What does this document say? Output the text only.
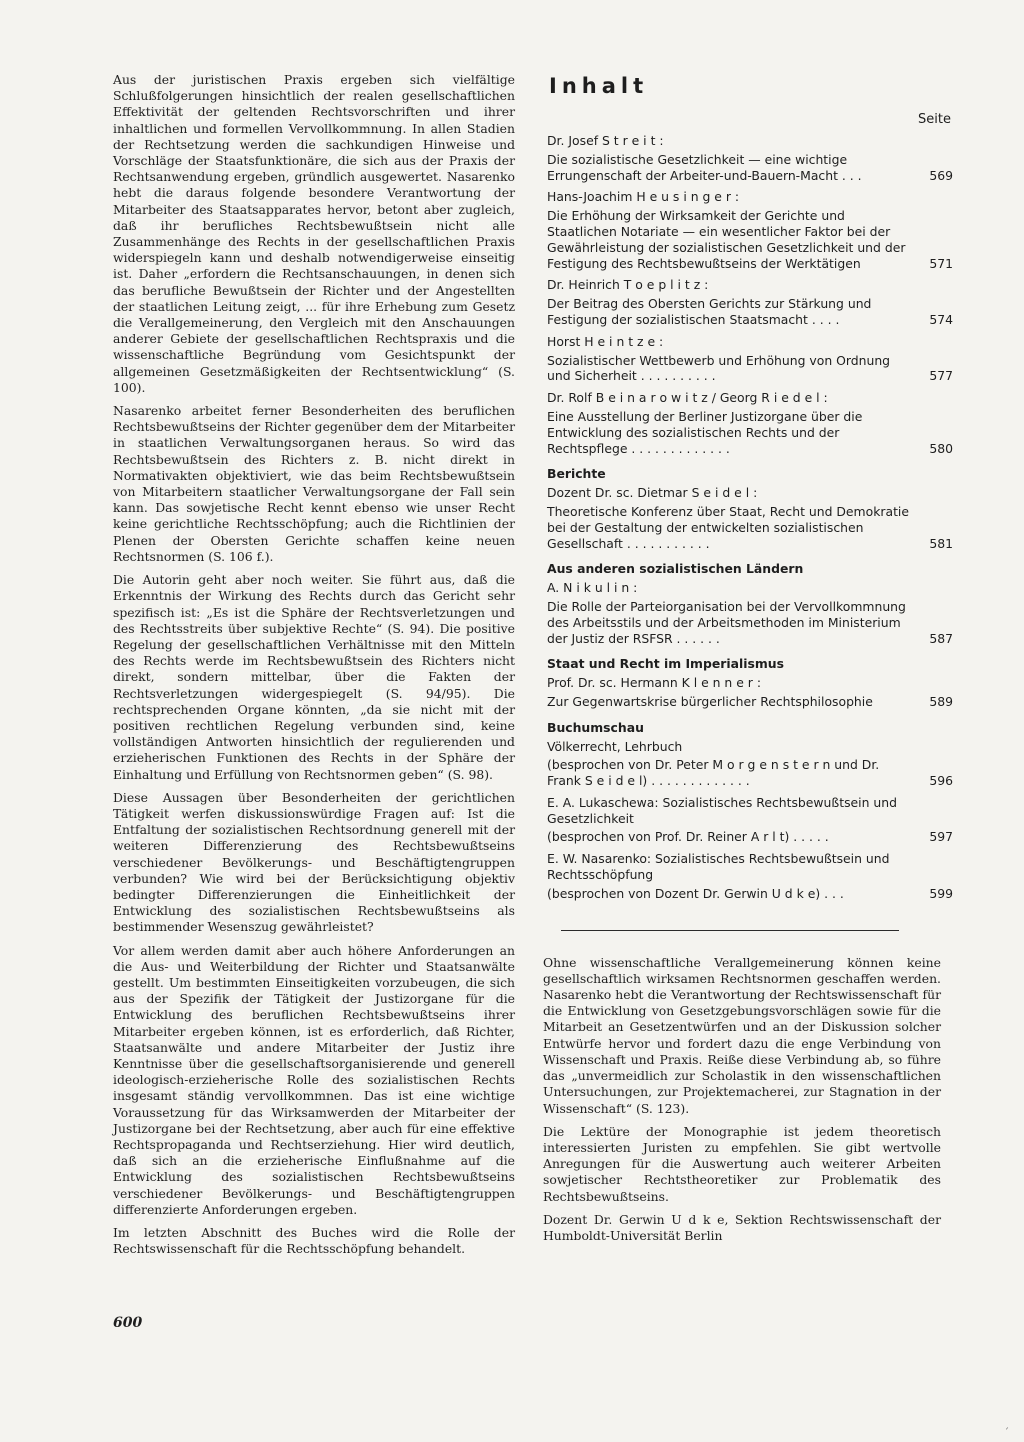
Aus der juristischen Praxis ergeben sich vielfältige Schlußfolgerungen hinsichtlich der realen gesellschaftlichen Effektivität der geltenden Rechtsvorschriften und ihrer inhaltlichen und formellen Vervollkommnung. In allen Stadien der Rechtsetzung werden die sachkundigen Hinweise und Vorschläge der Staatsfunktionäre, die sich aus der Praxis der Rechtsanwendung ergeben, gründlich ausgewertet. Nasarenko hebt die daraus folgende besondere Verantwortung der Mitarbeiter des Staatsapparates hervor, betont aber zugleich, daß ihr berufliches Rechtsbewußtsein nicht alle Zusammenhänge des Rechts in der gesellschaftlichen Praxis widerspiegeln kann und deshalb notwendigerweise einseitig ist. Daher „erfordern die Rechtsanschauungen, in denen sich das berufliche Bewußtsein der Richter und der Angestellten der staatlichen Leitung zeigt, ... für ihre Erhebung zum Gesetz die Verallgemeinerung, den Vergleich mit den Anschauungen anderer Gebiete der gesellschaftlichen Rechtspraxis und die wissenschaftliche Begründung vom Gesichtspunkt der allgemeinen Gesetzmäßigkeiten der Rechtsentwicklung“ (S. 100).

Nasarenko arbeitet ferner Besonderheiten des beruflichen Rechtsbewußtseins der Richter gegenüber dem der Mitarbeiter in staatlichen Verwaltungsorganen heraus. So wird das Rechtsbewußtsein des Richters z. B. nicht direkt in Normativakten objektiviert, wie das beim Rechtsbewußtsein von Mitarbeitern staatlicher Verwaltungsorgane der Fall sein kann. Das sowjetische Recht kennt ebenso wie unser Recht keine gerichtliche Rechtsschöpfung; auch die Richtlinien der Plenen der Obersten Gerichte schaffen keine neuen Rechtsnormen (S. 106 f.).

Die Autorin geht aber noch weiter. Sie führt aus, daß die Erkenntnis der Wirkung des Rechts durch das Gericht sehr spezifisch ist: „Es ist die Sphäre der Rechtsverletzungen und des Rechtsstreits über subjektive Rechte“ (S. 94). Die positive Regelung der gesellschaftlichen Verhältnisse mit den Mitteln des Rechts werde im Rechtsbewußtsein des Richters nicht direkt, sondern mittelbar, über die Fakten der Rechtsverletzungen widergespiegelt (S. 94/95). Die rechtsprechenden Organe könnten, „da sie nicht mit der positiven rechtlichen Regelung verbunden sind, keine vollständigen Antworten hinsichtlich der regulierenden und erzieherischen Funktionen des Rechts in der Sphäre der Einhaltung und Erfüllung von Rechtsnormen geben“ (S. 98).

Diese Aussagen über Besonderheiten der gerichtlichen Tätigkeit werfen diskussionswürdige Fragen auf: Ist die Entfaltung der sozialistischen Rechtsordnung generell mit der weiteren Differenzierung des Rechtsbewußtseins verschiedener Bevölkerungs- und Beschäftigtengruppen verbunden? Wie wird bei der Berücksichtigung objektiv bedingter Differenzierungen die Einheitlichkeit der Entwicklung des sozialistischen Rechtsbewußtseins als bestimmender Wesenszug gewährleistet?

Vor allem werden damit aber auch höhere Anforderungen an die Aus- und Weiterbildung der Richter und Staatsanwälte gestellt. Um bestimmten Einseitigkeiten vorzubeugen, die sich aus der Spezifik der Tätigkeit der Justizorgane für die Entwicklung des beruflichen Rechtsbewußtseins ihrer Mitarbeiter ergeben können, ist es erforderlich, daß Richter, Staatsanwälte und andere Mitarbeiter der Justiz ihre Kenntnisse über die gesellschaftsorganisierende und generell ideologisch-erzieherische Rolle des sozialistischen Rechts insgesamt ständig vervollkommnen. Das ist eine wichtige Voraussetzung für das Wirksamwerden der Mitarbeiter der Justizorgane bei der Rechtsetzung, aber auch für eine effektive Rechtspropaganda und Rechtserziehung. Hier wird deutlich, daß sich an die erzieherische Einflußnahme auf die Entwicklung des sozialistischen Rechtsbewußtseins verschiedener Bevölkerungs- und Beschäftigtengruppen differenzierte Anforderungen ergeben.

Im letzten Abschnitt des Buches wird die Rolle der Rechtswissenschaft für die Rechtsschöpfung behandelt.

Inhalt
Seite
Dr. Josef S t r e i t :
Die sozialistische Gesetzlichkeit — eine wichtige Errungenschaft der Arbeiter-und-Bauern-Macht . . .	569
Hans-Joachim H e u s i n g e r :
Die Erhöhung der Wirksamkeit der Gerichte und Staatlichen Notariate — ein wesentlicher Faktor bei der Gewährleistung der sozialistischen Gesetzlichkeit und der Festigung des Rechtsbewußtseins der Werktätigen	571
Dr. Heinrich T o e p l i t z :
Der Beitrag des Obersten Gerichts zur Stärkung und Festigung der sozialistischen Staatsmacht . . . .	574
Horst H e i n t z e :
Sozialistischer Wettbewerb und Erhöhung von Ordnung und Sicherheit . . . . . . . . . .	577
Dr. Rolf B e i n a r o w i t z / Georg R i e d e l :
Eine Ausstellung der Berliner Justizorgane über die Entwicklung des sozialistischen Rechts und der Rechtspflege . . . . . . . . . . . . .	580
Berichte
Dozent Dr. sc. Dietmar S e i d e l :
Theoretische Konferenz über Staat, Recht und Demokratie bei der Gestaltung der entwickelten sozialistischen Gesellschaft . . . . . . . . . . .	581
Aus anderen sozialistischen Ländern
A. N i k u l i n :
Die Rolle der Parteiorganisation bei der Vervollkommnung des Arbeitsstils und der Arbeitsmethoden im Ministerium der Justiz der RSFSR . . . . . .	587
Staat und Recht im Imperialismus
Prof. Dr. sc. Hermann K l e n n e r :
Zur Gegenwartskrise bürgerlicher Rechtsphilosophie	589
Buchumschau
Völkerrecht, Lehrbuch
(besprochen von Dr. Peter M o r g e n s t e r n und Dr. Frank S e i d e l) . . . . . . . . . . . . .	596
E. A. Lukaschewa: Sozialistisches Rechtsbewußtsein und Gesetzlichkeit
(besprochen von Prof. Dr. Reiner A r l t) . . . . .	597
E. W. Nasarenko: Sozialistisches Rechtsbewußtsein und Rechtsschöpfung
(besprochen von Dozent Dr. Gerwin U d k e) . . .	599

Ohne wissenschaftliche Verallgemeinerung können keine gesellschaftlich wirksamen Rechtsnormen geschaffen werden. Nasarenko hebt die Verantwortung der Rechtswissenschaft für die Entwicklung von Gesetzgebungsvorschlägen sowie für die Mitarbeit an Gesetzentwürfen und an der Diskussion solcher Entwürfe hervor und fordert dazu die enge Verbindung von Wissenschaft und Praxis. Reiße diese Verbindung ab, so führe das „unvermeidlich zur Scholastik in den wissenschaftlichen Untersuchungen, zur Projektemacherei, zur Stagnation in der Wissenschaft“ (S. 123).

Die Lektüre der Monographie ist jedem theoretisch interessierten Juristen zu empfehlen. Sie gibt wertvolle Anregungen für die Auswertung auch weiterer Arbeiten sowjetischer Rechtstheoretiker zur Problematik des Rechtsbewußtseins.

Dozent Dr. Gerwin U d k e, Sektion Rechtswissenschaft der Humboldt-Universität Berlin

600
´
